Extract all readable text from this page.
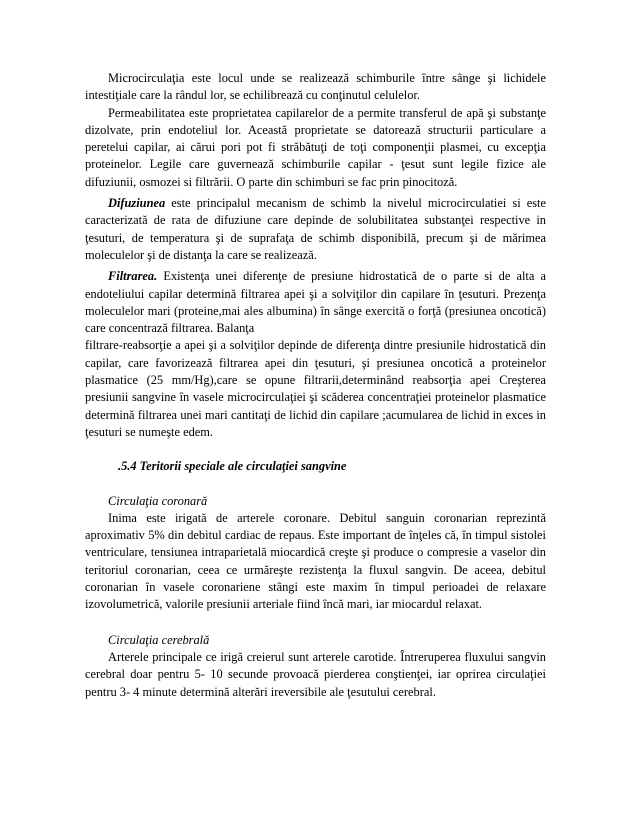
Microcirculaţia este locul unde se realizează schimburile între sânge şi lichidele intestiţiale care la rândul lor, se echilibrează cu conţinutul celulelor.

Permeabilitatea este proprietatea capilarelor de a permite transferul de apă şi substanţe dizolvate, prin endoteliul lor. Această proprietate se datorează structurii particulare a peretelui capilar, ai cărui pori pot fi străbătuţi de toţi componenţii plasmei, cu excepţia proteinelor. Legile care guvernează schimburile capilar - ţesut sunt legile fizice ale difuziunii, osmozei si filtrării. O parte din schimburi se fac prin pinocitoză.

Difuziunea este principalul mecanism de schimb la nivelul microcirculatiei si este caracterizată de rata de difuziune care depinde de solubilitatea substanţei respective in ţesuturi, de temperatura şi de suprafaţa de schimb disponibilă, precum şi de mărimea moleculelor şi de distanţa la care se realizează.

Filtrarea. Existenţa unei diferenţe de presiune hidrostatică de o parte si de alta a endoteliului capilar determină filtrarea apei şi a solviţilor din capilare în ţesuturi. Prezenţa moleculelor mari (proteine,mai ales albumina) în sânge exercită o forţă (presiunea oncotică) care concentrază filtrarea. Balanţa

filtrare-reabsorţie a apei şi a solviţilor depinde de diferenţa dintre presiunile hidrostatică din capilar, care favorizează filtrarea apei din ţesuturi, şi presiunea oncotică a proteinelor plasmatice (25 mm/Hg),care se opune filtrarii,determinând reabsorţia apei Creşterea presiunii sangvine în vasele microcirculaţiei şi scăderea concentraţiei proteinelor plasmatice determină filtrarea unei mari cantitaţi de lichid din capilare ;acumularea de lichid in exces in ţesuturi se numeşte edem.

.5.4 Teritorii speciale ale circulaţiei sangvine

Circulaţia coronară

Inima este irigată de arterele coronare. Debitul sanguin coronarian reprezintă aproximativ 5% din debitul cardiac de repaus. Este important de înţeles că, în timpul sistolei ventriculare, tensiunea intraparietală miocardică creşte şi produce o compresie a vaselor din teritoriul coronarian, ceea ce urmăreşte rezistenţa la fluxul sangvin. De aceea, debitul coronarian în vasele coronariene stângi este maxim în timpul perioadei de relaxare izovolumetrică, valorile presiunii arteriale fiind încă mari, iar miocardul relaxat.

Circulaţia cerebrală

Arterele principale ce irigă creierul sunt arterele carotide. Întreruperea fluxului sangvin cerebral doar pentru 5- 10 secunde provoacă pierderea conştienţei, iar oprirea circulaţiei pentru 3- 4 minute determină alterări ireversibile ale ţesutului cerebral.
